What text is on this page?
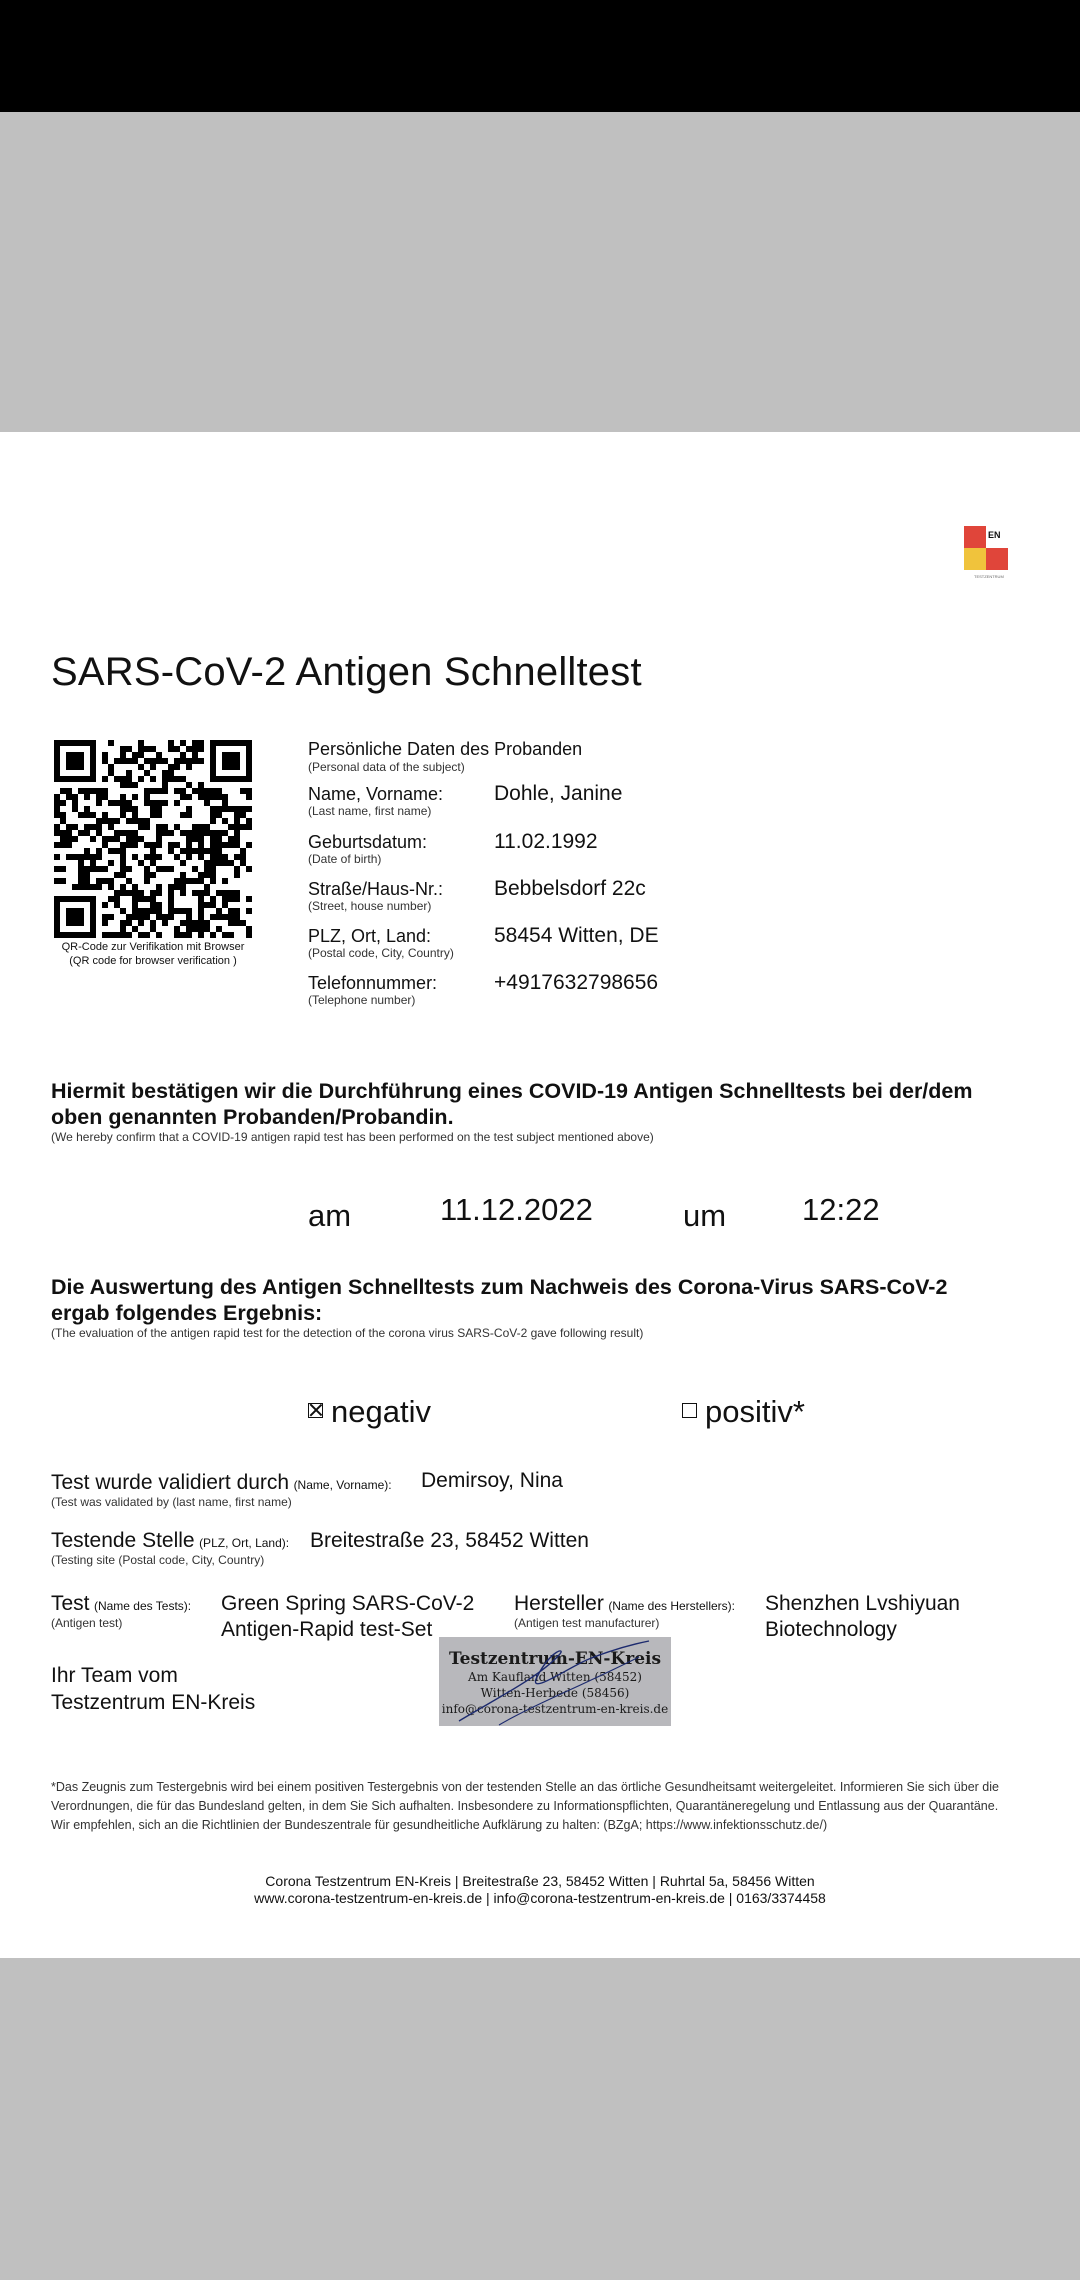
EN
TESTZENTRUM
SARS-CoV-2 Antigen Schnelltest
QR-Code zur Verifikation mit Browser
(QR code for browser verification )
Persönliche Daten des Probanden
(Personal data of the subject)
Name, Vorname:
(Last name, first name)
Dohle, Janine
Geburtsdatum:
(Date of birth)
11.02.1992
Straße/Haus-Nr.:
(Street, house number)
Bebbelsdorf 22c
PLZ, Ort, Land:
(Postal code, City, Country)
58454 Witten, DE
Telefonnummer:
(Telephone number)
+4917632798656
Hiermit bestätigen wir die Durchführung eines COVID-19 Antigen Schnelltests bei der/dem
oben genannten Probanden/Probandin.
(We hereby confirm that a COVID-19 antigen rapid test has been performed on the test subject mentioned above)
am	11.12.2022	um 12:22
Die Auswertung des Antigen Schnelltests zum Nachweis des Corona-Virus SARS-CoV-2
ergab folgendes Ergebnis:
(The evaluation of the antigen rapid test for the detection of the corona virus SARS-CoV-2 gave following result)
negativ	positiv*
Test wurde validiert durch (Name, Vorname):
(Test was validated by (last name, first name)
Demirsoy, Nina
Testende Stelle (PLZ, Ort, Land):
(Testing site (Postal code, City, Country)
Breitestraße 23, 58452 Witten
Test (Name des Tests):
(Antigen test)
Green Spring SARS-CoV-2
Antigen-Rapid test-Set
Hersteller (Name des Herstellers):
(Antigen test manufacturer)
Shenzhen Lvshiyuan
Biotechnology
Ihr Team vom
Testzentrum EN-Kreis
Testzentrum-EN-Kreis
Am Kaufland Witten (58452)
Witten-Herbede (58456)
info@corona-testzentrum-en-kreis.de
*Das Zeugnis zum Testergebnis wird bei einem positiven Testergebnis von der testenden Stelle an das örtliche Gesundheitsamt weitergeleitet. Informieren Sie sich über die
Verordnungen, die für das Bundesland gelten, in dem Sie Sich aufhalten. Insbesondere zu Informationspflichten, Quarantäneregelung und Entlassung aus der Quarantäne.
Wir empfehlen, sich an die Richtlinien der Bundeszentrale für gesundheitliche Aufklärung zu halten: (BZgA; https://www.infektionsschutz.de/)
Corona Testzentrum EN-Kreis | Breitestraße 23, 58452 Witten | Ruhrtal 5a, 58456 Witten
www.corona-testzentrum-en-kreis.de | info@corona-testzentrum-en-kreis.de | 0163/3374458
